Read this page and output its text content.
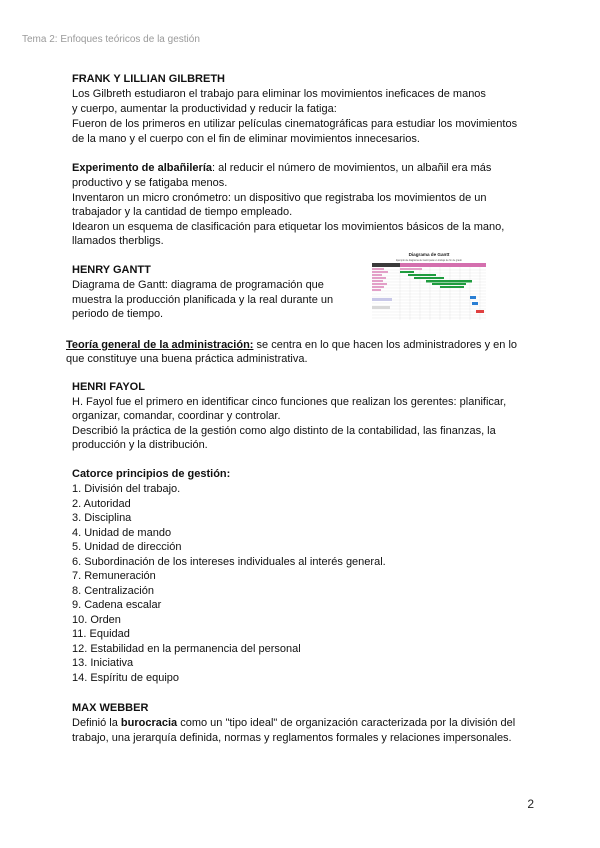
Tema 2: Enfoques teóricos de la gestión
FRANK Y LILLIAN GILBRETH
Los Gilbreth estudiaron el trabajo para eliminar los movimientos ineficaces de manos
y cuerpo, aumentar la productividad y reducir la fatiga:
Fueron de los primeros en utilizar películas cinematográficas para estudiar los movimientos
de la mano y el cuerpo con el fin de eliminar movimientos innecesarios.
Experimento de albañilería: al reducir el número de movimientos, un albañil era más
productivo y se fatigaba menos.
Inventaron un micro cronómetro: un dispositivo que registraba los movimientos de un
trabajador y la cantidad de tiempo empleado.
Idearon un esquema de clasificación para etiquetar los movimientos básicos de la mano,
llamados therbligs.
HENRY GANTT
Diagrama de Gantt: diagrama de programación que
muestra la producción planificada y la real durante un
periodo de tiempo.
Diagrama de Gantt
Ejemplo de diagrama de Gantt para un trabajo de fin de grado
Teoría general de la administración: se centra en lo que hacen los administradores y en lo
que constituye una buena práctica administrativa.
HENRI FAYOL
H. Fayol fue el primero en identificar cinco funciones que realizan los gerentes: planificar,
organizar, comandar, coordinar y controlar.
Describió la práctica de la gestión como algo distinto de la contabilidad, las finanzas, la
producción y la distribución.
Catorce principios de gestión:
1. División del trabajo.
2. Autoridad
3. Disciplina
4. Unidad de mando
5. Unidad de dirección
6. Subordinación de los intereses individuales al interés general.
7. Remuneración
8. Centralización
9. Cadena escalar
10. Orden
11. Equidad
12. Estabilidad en la permanencia del personal
13. Iniciativa
14. Espíritu de equipo
MAX WEBBER
Definió la burocracia como un "tipo ideal" de organización caracterizada por la división del
trabajo, una jerarquía definida, normas y reglamentos formales y relaciones impersonales.
2
